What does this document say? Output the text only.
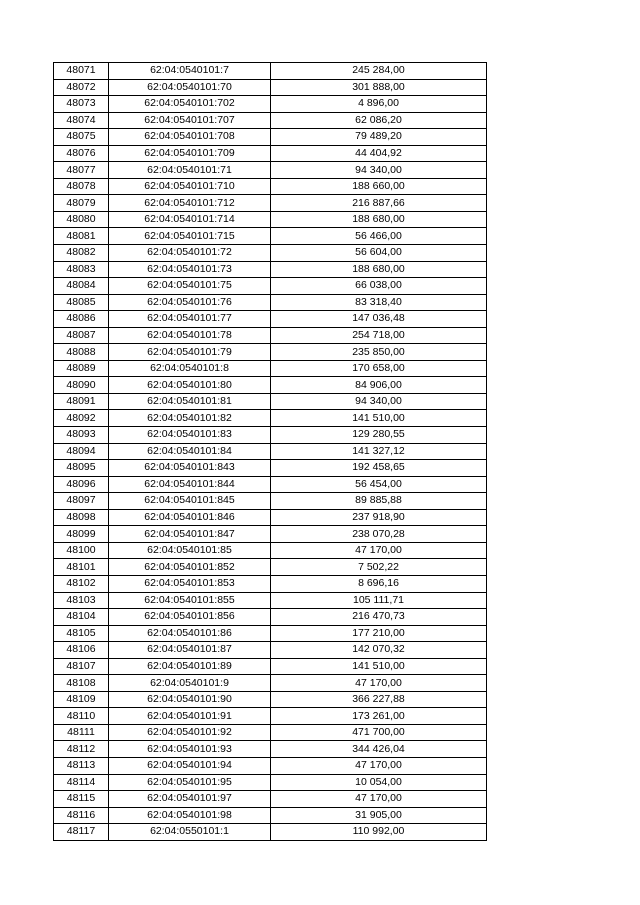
48071	62:04:0540101:7	245 284,00
48072	62:04:0540101:70	301 888,00
48073	62:04:0540101:702	4 896,00
48074	62:04:0540101:707	62 086,20
48075	62:04:0540101:708	79 489,20
48076	62:04:0540101:709	44 404,92
48077	62:04:0540101:71	94 340,00
48078	62:04:0540101:710	188 660,00
48079	62:04:0540101:712	216 887,66
48080	62:04:0540101:714	188 680,00
48081	62:04:0540101:715	56 466,00
48082	62:04:0540101:72	56 604,00
48083	62:04:0540101:73	188 680,00
48084	62:04:0540101:75	66 038,00
48085	62:04:0540101:76	83 318,40
48086	62:04:0540101:77	147 036,48
48087	62:04:0540101:78	254 718,00
48088	62:04:0540101:79	235 850,00
48089	62:04:0540101:8	170 658,00
48090	62:04:0540101:80	84 906,00
48091	62:04:0540101:81	94 340,00
48092	62:04:0540101:82	141 510,00
48093	62:04:0540101:83	129 280,55
48094	62:04:0540101:84	141 327,12
48095	62:04:0540101:843	192 458,65
48096	62:04:0540101:844	56 454,00
48097	62:04:0540101:845	89 885,88
48098	62:04:0540101:846	237 918,90
48099	62:04:0540101:847	238 070,28
48100	62:04:0540101:85	47 170,00
48101	62:04:0540101:852	7 502,22
48102	62:04:0540101:853	8 696,16
48103	62:04:0540101:855	105 111,71
48104	62:04:0540101:856	216 470,73
48105	62:04:0540101:86	177 210,00
48106	62:04:0540101:87	142 070,32
48107	62:04:0540101:89	141 510,00
48108	62:04:0540101:9	47 170,00
48109	62:04:0540101:90	366 227,88
48110	62:04:0540101:91	173 261,00
48111	62:04:0540101:92	471 700,00
48112	62:04:0540101:93	344 426,04
48113	62:04:0540101:94	47 170,00
48114	62:04:0540101:95	10 054,00
48115	62:04:0540101:97	47 170,00
48116	62:04:0540101:98	31 905,00
48117	62:04:0550101:1	110 992,00
